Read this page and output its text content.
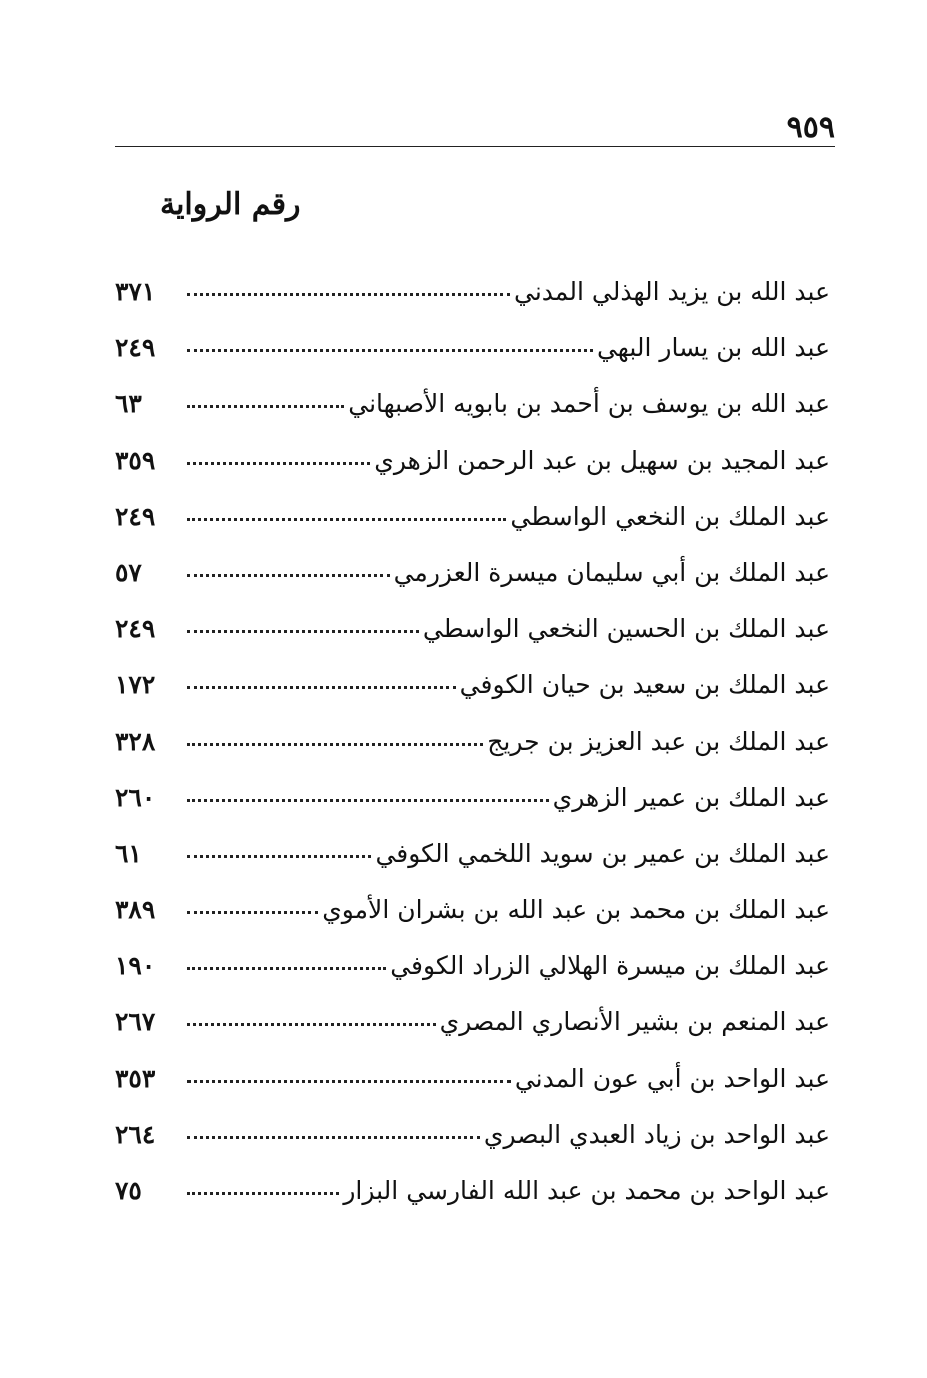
٩٥٩
رقم الرواية
عبد الله بن يزيد الهذلي المدني
٣٧١
عبد الله بن يسار البهي
٢٤٩
عبد الله بن يوسف بن أحمد بن بابويه الأصبهاني
٦٣
عبد المجيد بن سهيل بن عبد الرحمن الزهري
٣٥٩
عبد الملك بن النخعي الواسطي
٢٤٩
عبد الملك بن أبي سليمان ميسرة العزرمي
٥٧
عبد الملك بن الحسين النخعي الواسطي
٢٤٩
عبد الملك بن سعيد بن حيان الكوفي
١٧٢
عبد الملك بن عبد العزيز بن جريج
٣٢٨
عبد الملك بن عمير الزهري
٢٦٠
عبد الملك بن عمير بن سويد اللخمي الكوفي
٦١
عبد الملك بن محمد بن عبد الله بن بشران الأموي
٣٨٩
عبد الملك بن ميسرة الهلالي الزراد الكوفي
١٩٠
عبد المنعم بن بشير الأنصاري المصري
٢٦٧
عبد الواحد بن أبي عون المدني
٣٥٣
عبد الواحد بن زياد العبدي البصري
٢٦٤
عبد الواحد بن محمد بن عبد الله الفارسي البزار
٧٥
